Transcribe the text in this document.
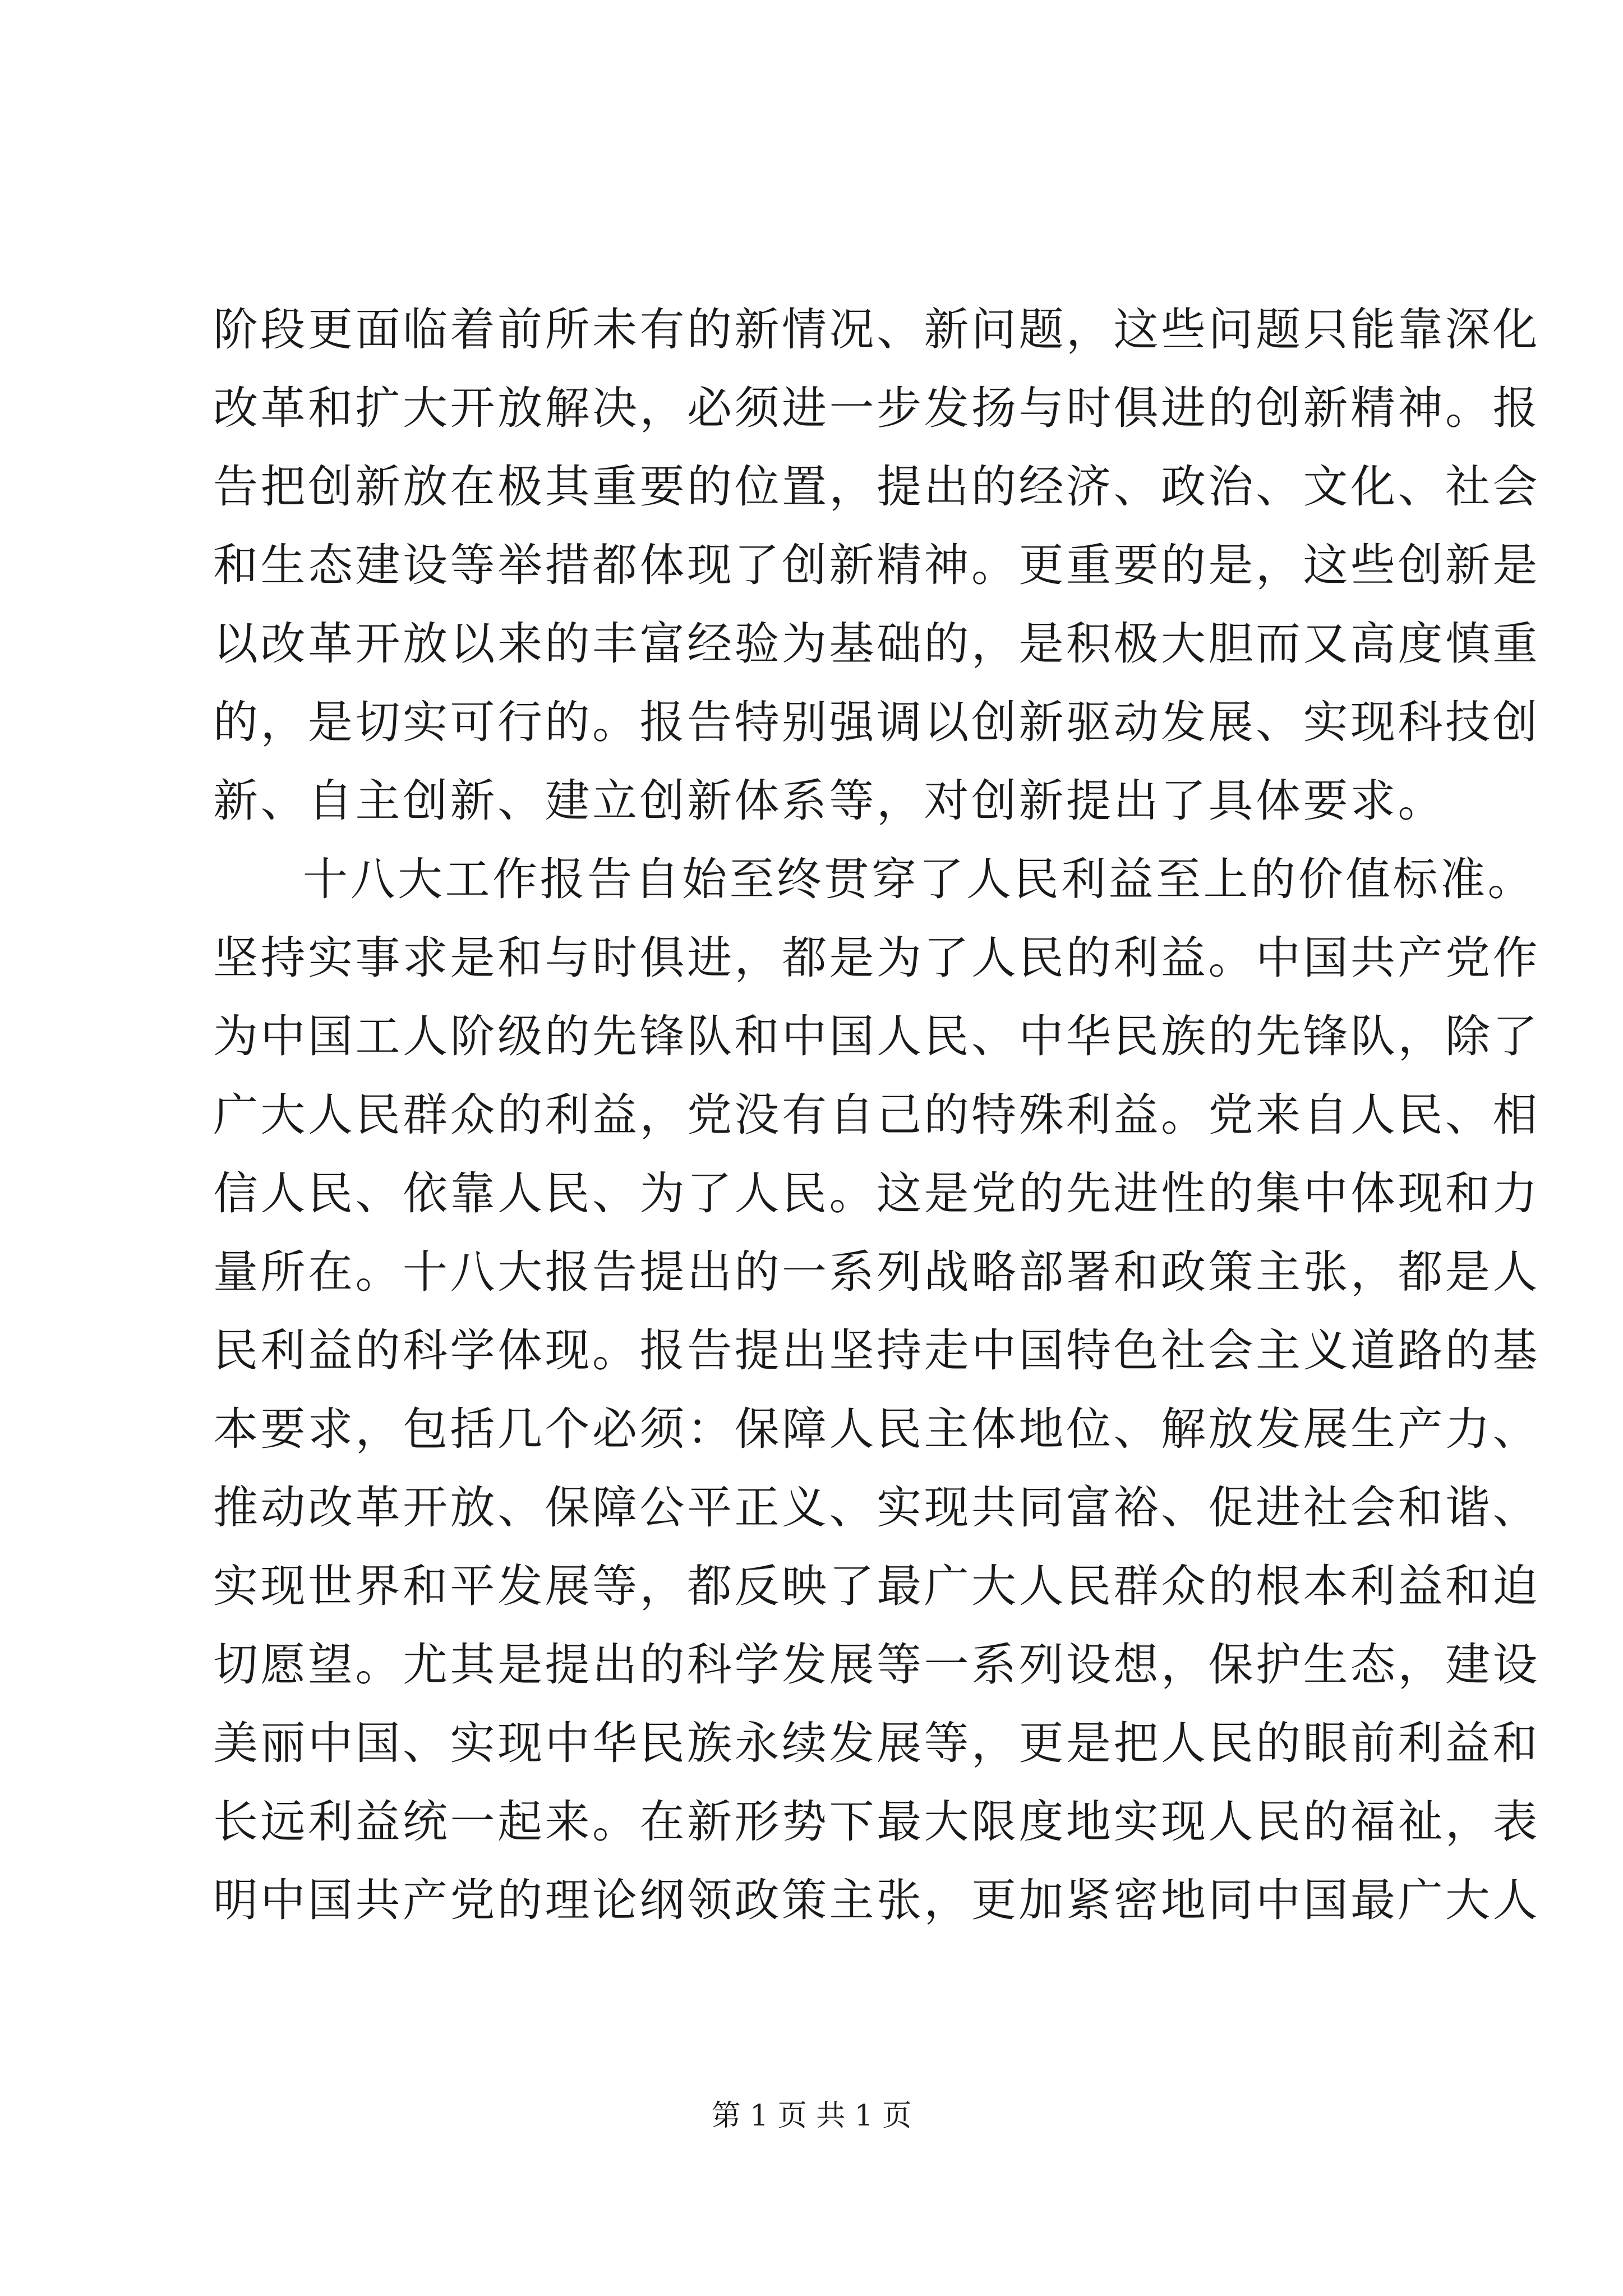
阶段更面临着前所未有的新情况、新问题，这些问题只能靠深化
改革和扩大开放解决，必须进一步发扬与时俱进的创新精神。报
告把创新放在极其重要的位置，提出的经济、政治、文化、社会
和生态建设等举措都体现了创新精神。更重要的是，这些创新是
以改革开放以来的丰富经验为基础的，是积极大胆而又高度慎重
的，是切实可行的。报告特别强调以创新驱动发展、实现科技创
新、自主创新、建立创新体系等，对创新提出了具体要求。
十八大工作报告自始至终贯穿了人民利益至上的价值标准。
坚持实事求是和与时俱进，都是为了人民的利益。中国共产党作
为中国工人阶级的先锋队和中国人民、中华民族的先锋队，除了
广大人民群众的利益，党没有自己的特殊利益。党来自人民、相
信人民、依靠人民、为了人民。这是党的先进性的集中体现和力
量所在。十八大报告提出的一系列战略部署和政策主张，都是人
民利益的科学体现。报告提出坚持走中国特色社会主义道路的基
本要求，包括几个必须：保障人民主体地位、解放发展生产力、
推动改革开放、保障公平正义、实现共同富裕、促进社会和谐、
实现世界和平发展等，都反映了最广大人民群众的根本利益和迫
切愿望。尤其是提出的科学发展等一系列设想，保护生态，建设
美丽中国、实现中华民族永续发展等，更是把人民的眼前利益和
长远利益统一起来。在新形势下最大限度地实现人民的福祉，表
明中国共产党的理论纲领政策主张，更加紧密地同中国最广大人
第 1 页 共 1 页
